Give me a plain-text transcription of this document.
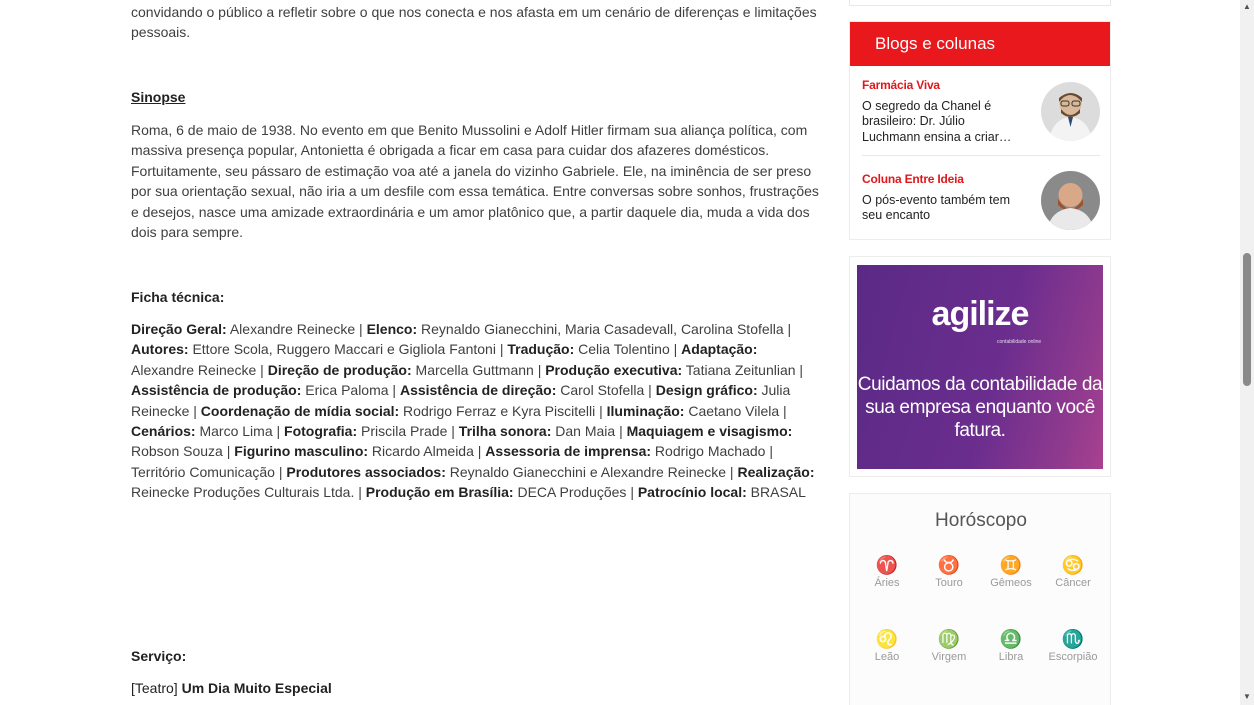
convidando o público a refletir sobre o que nos conecta e nos afasta em um cenário de diferenças e limitações pessoais.

Sinopse

Roma, 6 de maio de 1938. No evento em que Benito Mussolini e Adolf Hitler firmam sua aliança política, com massiva presença popular, Antonietta é obrigada a ficar em casa para cuidar dos afazeres domésticos. Fortuitamente, seu pássaro de estimação voa até a janela do vizinho Gabriele. Ele, na iminência de ser preso por sua orientação sexual, não iria a um desfile com essa temática. Entre conversas sobre sonhos, frustrações e desejos, nasce uma amizade extraordinária e um amor platônico que, a partir daquele dia, muda a vida dos dois para sempre.

Ficha técnica:

Direção Geral: Alexandre Reinecke | Elenco: Reynaldo Gianecchini, Maria Casadevall, Carolina Stofella | Autores: Ettore Scola, Ruggero Maccari e Gigliola Fantoni | Tradução: Celia Tolentino | Adaptação: Alexandre Reinecke | Direção de produção: Marcella Guttmann | Produção executiva: Tatiana Zeitunlian | Assistência de produção: Erica Paloma | Assistência de direção: Carol Stofella | Design gráfico: Julia Reinecke | Coordenação de mídia social: Rodrigo Ferraz e Kyra Piscitelli | Iluminação: Caetano Vilela | Cenários: Marco Lima | Fotografia: Priscila Prade | Trilha sonora: Dan Maia | Maquiagem e visagismo: Robson Souza | Figurino masculino: Ricardo Almeida | Assessoria de imprensa: Rodrigo Machado | Território Comunicação | Produtores associados: Reynaldo Gianecchini e Alexandre Reinecke | Realização: Reinecke Produções Culturais Ltda. | Produção em Brasília: DECA Produções | Patrocínio local: BRASAL

Serviço:
[Teatro] Um Dia Muito Especial
Blogs e colunas
Farmácia Viva
O segredo da Chanel é brasileiro: Dr. Júlio Luchmann ensina a criar…
Coluna Entre Ideia
O pós-evento também tem seu encanto
agilize
contabilidade online
Cuidamos da contabilidade da sua empresa enquanto você fatura.
Horóscopo
♈
Áries
♉
Touro
♊
Gêmeos
♋
Câncer
♌
Leão
♍
Virgem
♎
Libra
♏
Escorpião
▲
▼
